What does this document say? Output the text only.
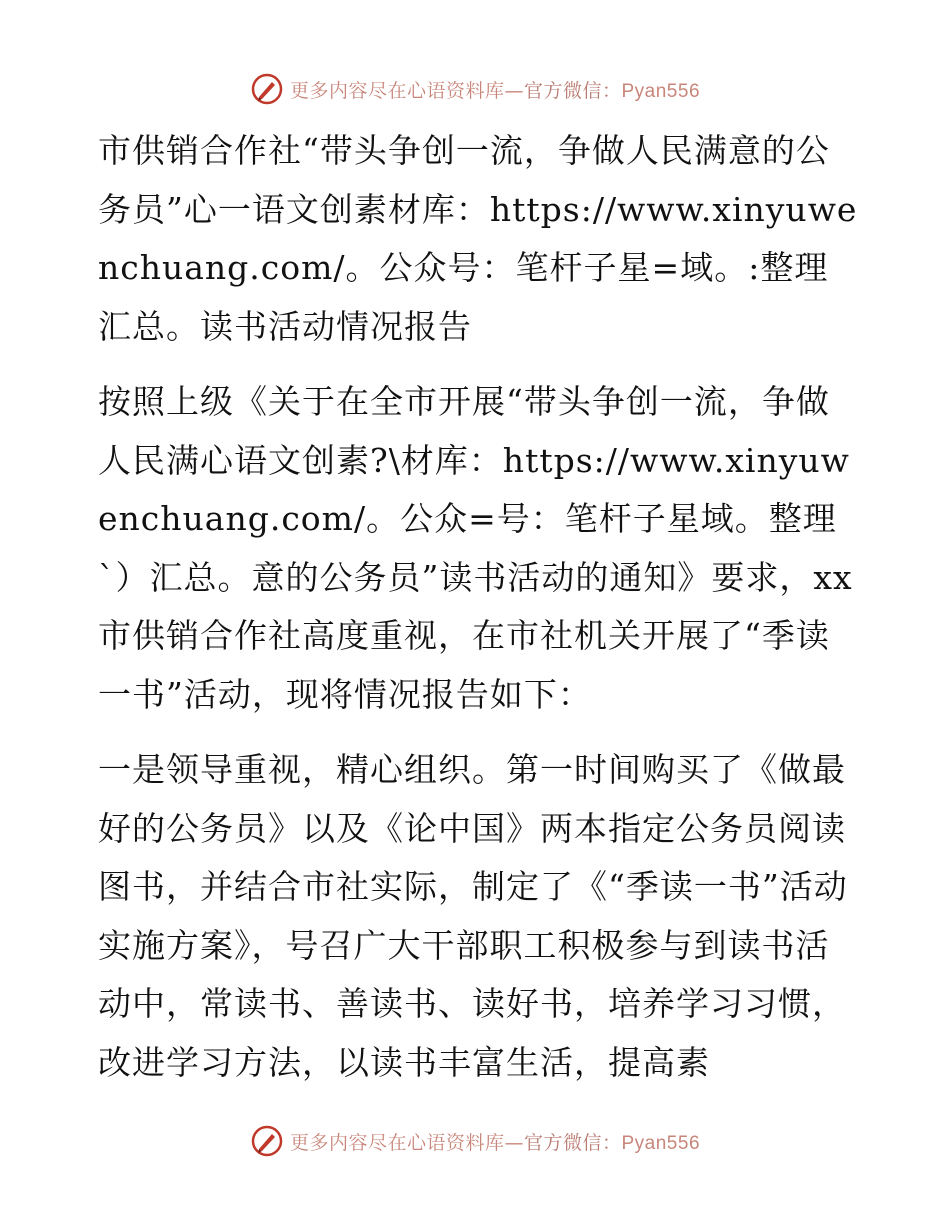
更多内容尽在心语资料库—官方微信：Pyan556

市供销合作社“带头争创一流，争做人民满意的公务员”心一语文创素材库：https://www.xinyuwenchuang.com/。公众号：笔杆子星=域。:整理汇总。读书活动情况报告

按照上级《关于在全市开展“带头争创一流，争做人民满心语文创素?\材库：https://www.xinyuwenchuang.com/。公众=号：笔杆子星域。整理`）汇总。意的公务员”读书活动的通知》要求，xx市供销合作社高度重视，在市社机关开展了“季读一书”活动，现将情况报告如下：

一是领导重视，精心组织。第一时间购买了《做最好的公务员》以及《论中国》两本指定公务员阅读图书，并结合市社实际，制定了《“季读一书”活动实施方案》，号召广大干部职工积极参与到读书活动中，常读书、善读书、读好书，培养学习习惯，改进学习方法，以读书丰富生活，提高素

更多内容尽在心语资料库—官方微信：Pyan556
